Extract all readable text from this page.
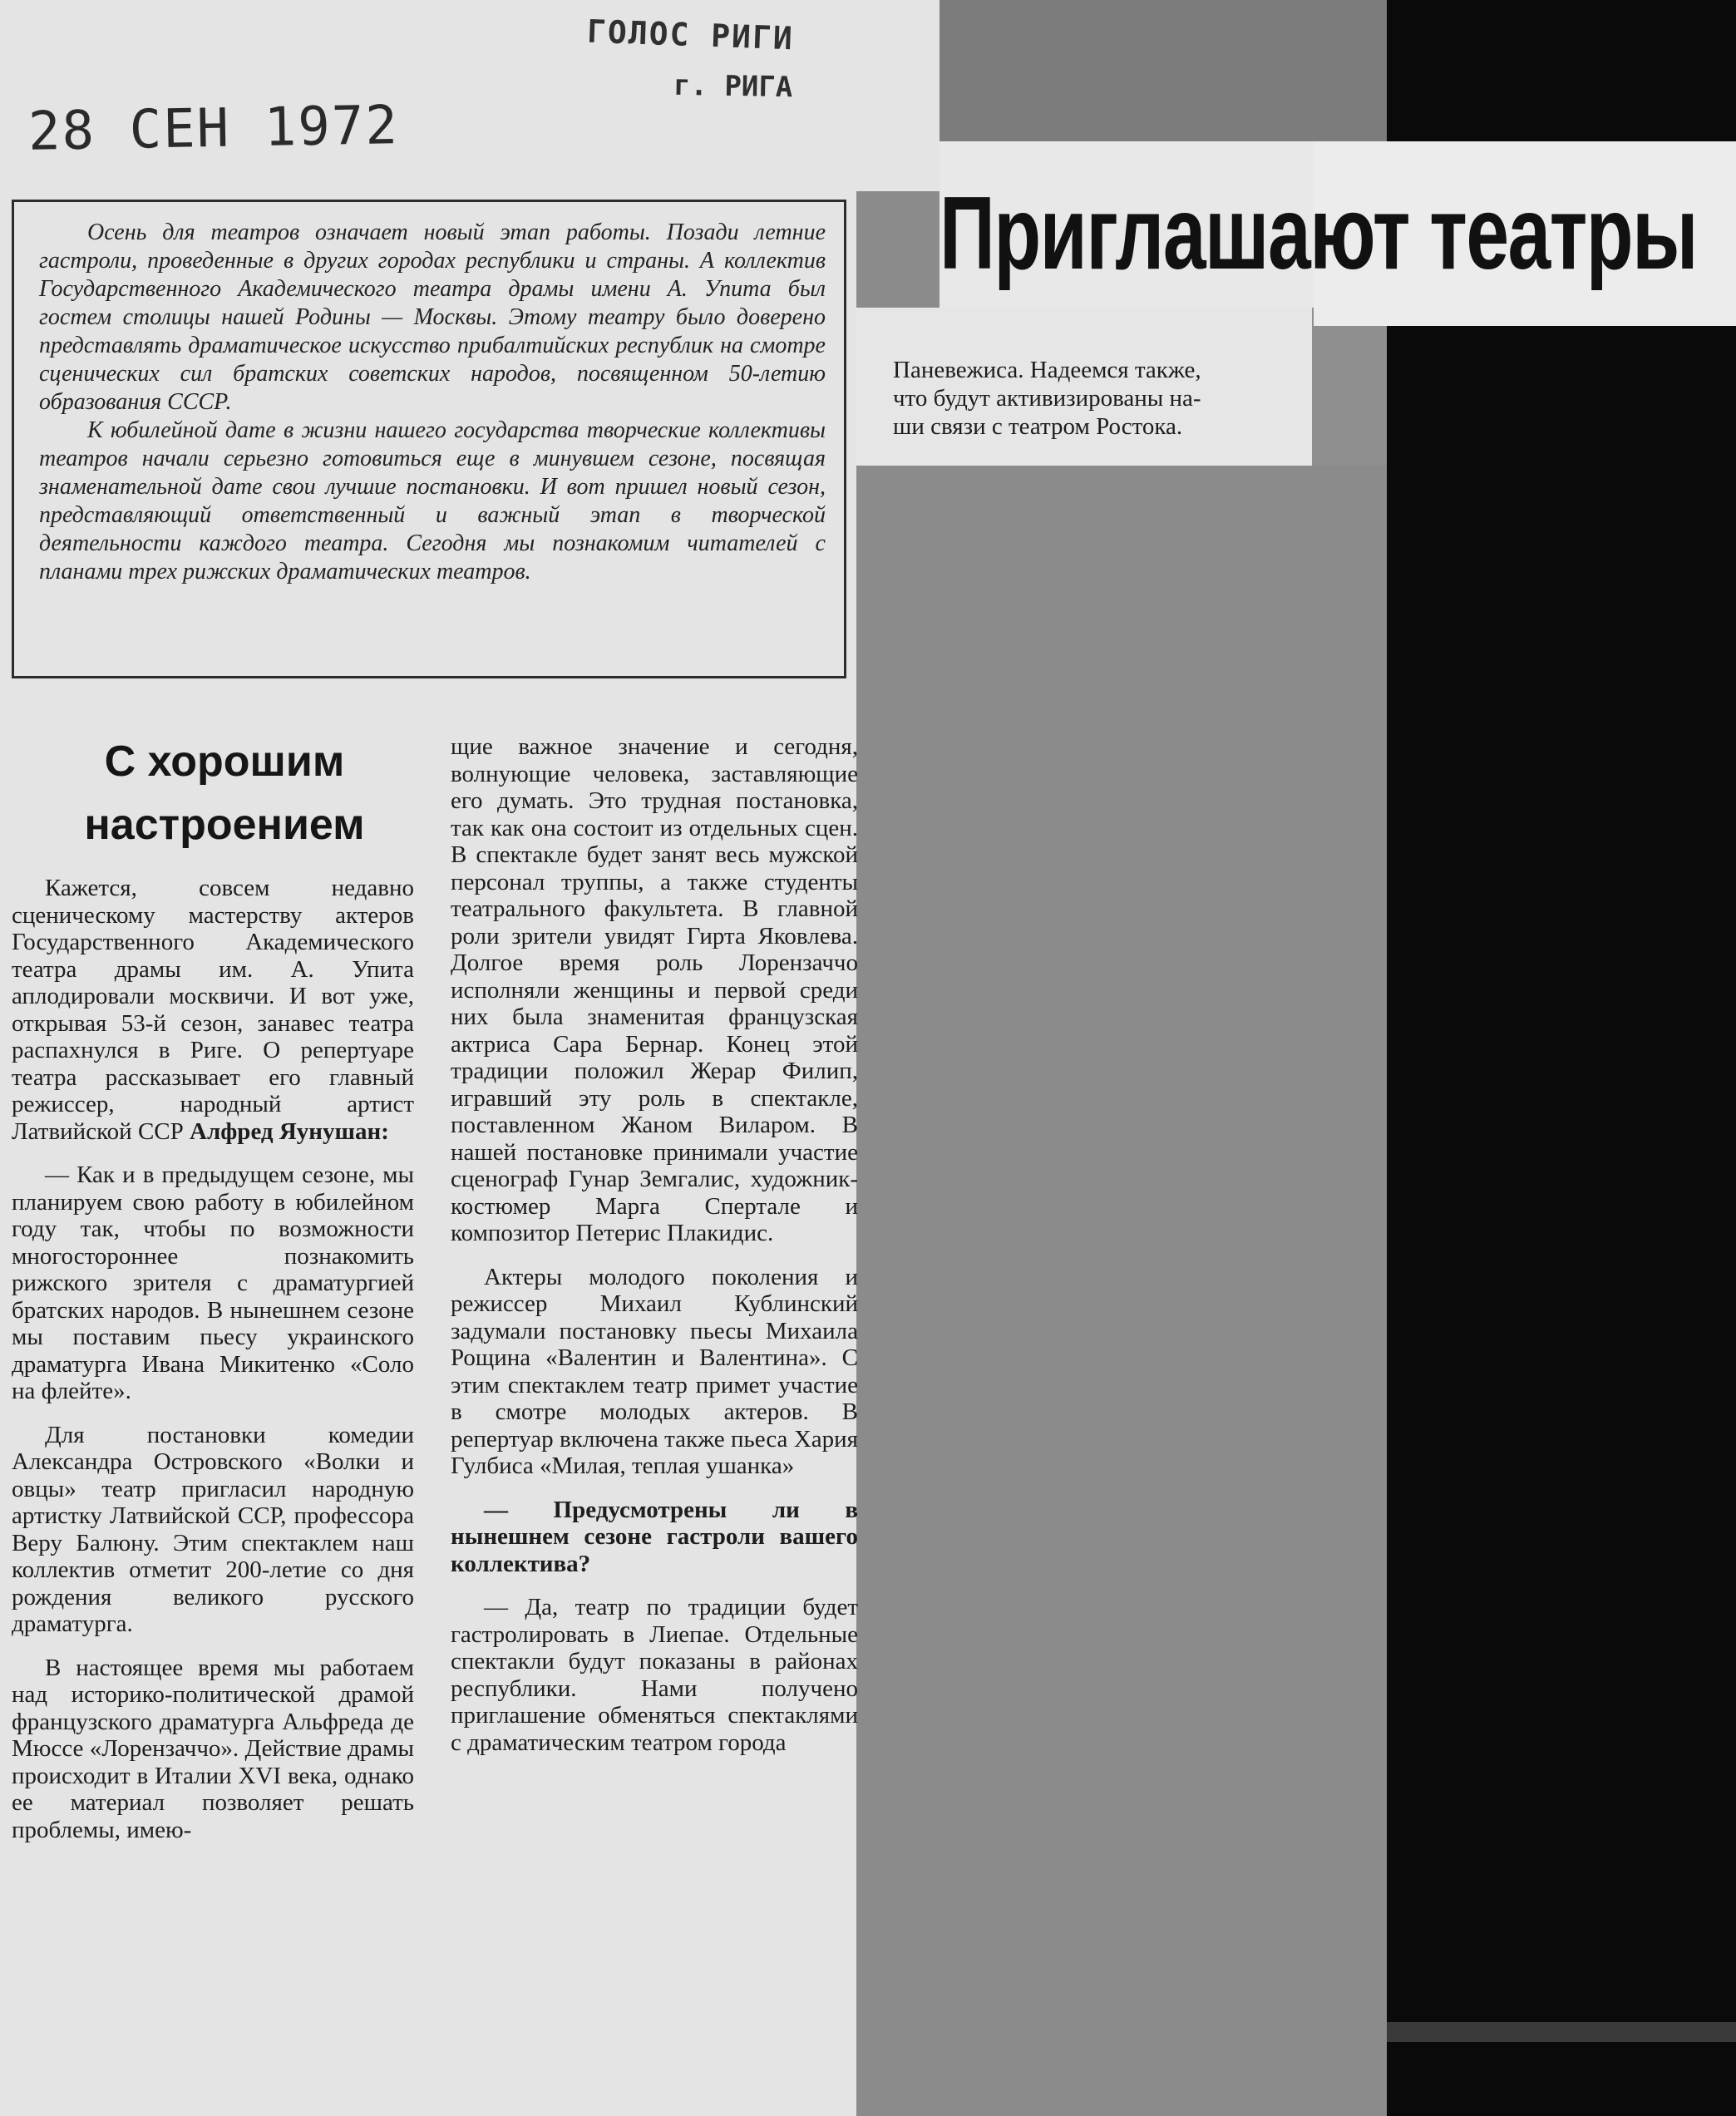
ГОЛОС РИГИ
г. РИГА
28 СЕН 1972
Приглашают театры

Осень для театров означает новый этап работы. Позади летние гастроли, проведенные в других городах республики и страны. А коллектив Государственного Академического театра драмы имени А. Упита был гостем столицы нашей Родины — Москвы. Этому театру было доверено представлять драматическое искусство прибалтийских республик на смотре сценических сил братских советских народов, посвященном 50-летию образования СССР.

К юбилейной дате в жизни нашего государства творческие коллективы театров начали серьезно готовиться еще в минувшем сезоне, посвящая знаменательной дате свои лучшие постановки. И вот пришел новый сезон, представляющий ответственный и важный этап в творческой деятельности каждого театра. Сегодня мы познакомим читателей с планами трех рижских драматических театров.

Паневежиса. Надеемся также,
что будут активизированы на-
ши связи с театром Ростока.
С хорошим настроением

Кажется, совсем недавно сценическому мастерству актеров Государственного Академического театра драмы им. А. Упита аплодировали москвичи. И вот уже, открывая 53-й сезон, занавес театра распахнулся в Риге. О репертуаре театра рассказывает его главный режиссер, народный артист Латвийской ССР Алфред Яунушан:

— Как и в предыдущем сезоне, мы планируем свою работу в юбилейном году так, чтобы по возможности многостороннее познакомить рижского зрителя с драматургией братских народов. В нынешнем сезоне мы поставим пьесу украинского драматурга Ивана Микитенко «Соло на флейте».

Для постановки комедии Александра Островского «Волки и овцы» театр пригласил народную артистку Латвийской ССР, профессора Веру Балюну. Этим спектаклем наш коллектив отметит 200-летие со дня рождения великого русского драматурга.

В настоящее время мы работаем над историко-политической драмой французского драматурга Альфреда де Мюссе «Лорензаччо». Действие драмы происходит в Италии XVI века, однако ее материал позволяет решать проблемы, имею-

щие важное значение и сегодня, волнующие человека, заставляющие его думать. Это трудная постановка, так как она состоит из отдельных сцен. В спектакле будет занят весь мужской персонал труппы, а также студенты театрального факультета. В главной роли зрители увидят Гирта Яковлева. Долгое время роль Лорензаччо исполняли женщины и первой среди них была знаменитая французская актриса Сара Бернар. Конец этой традиции положил Жерар Филип, игравший эту роль в спектакле, поставленном Жаном Виларом. В нашей постановке принимали участие сценограф Гунар Земгалис, художник-костюмер Марга Спертале и композитор Петерис Плакидис.

Актеры молодого поколения и режиссер Михаил Кублинский задумали постановку пьесы Михаила Рощина «Валентин и Валентина». С этим спектаклем театр примет участие в смотре молодых актеров. В репертуар включена также пьеса Хария Гулбиса «Милая, теплая ушанка»

— Предусмотрены ли в нынешнем сезоне гастроли вашего коллектива?

— Да, театр по традиции будет гастролировать в Лиепае. Отдельные спектакли будут показаны в районах республики. Нами получено приглашение обменяться спектаклями с драматическим театром города
